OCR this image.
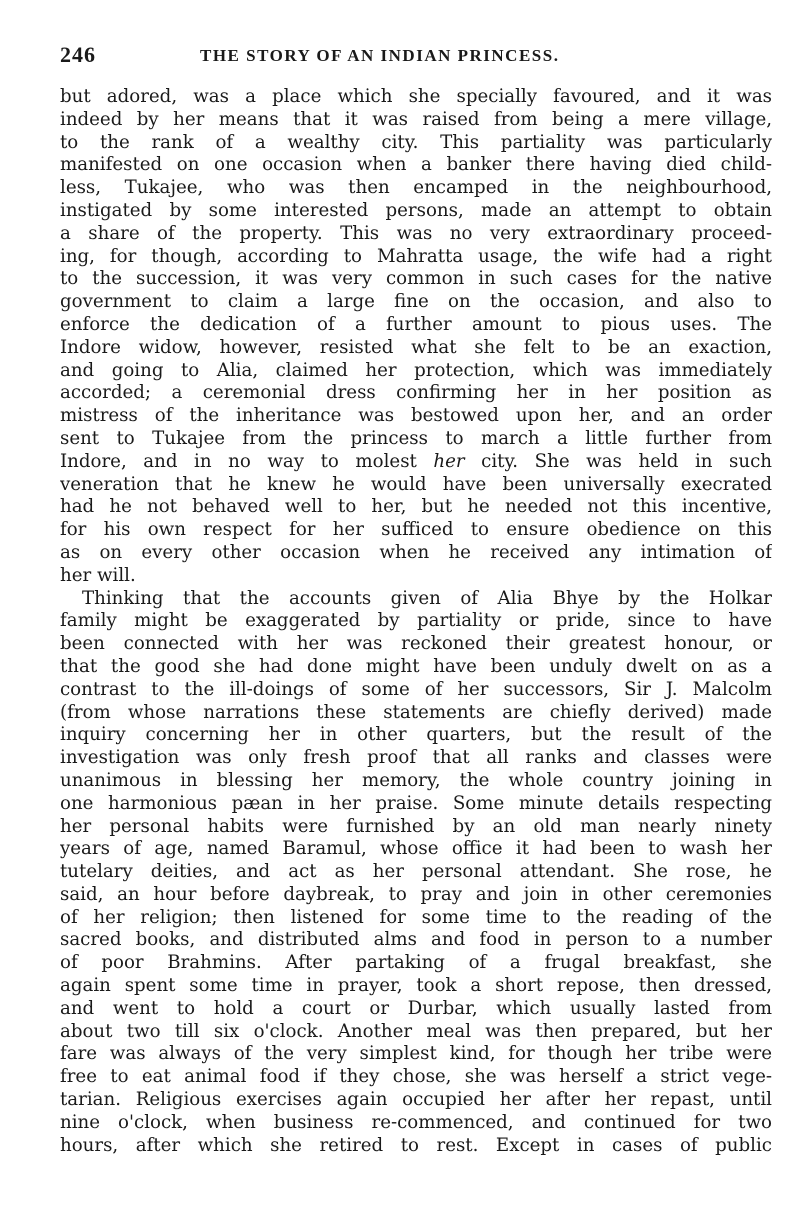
246	THE STORY OF AN INDIAN PRINCESS.
but adored, was a place which she specially favoured, and it was
indeed by her means that it was raised from being a mere village,
to the rank of a wealthy city. This partiality was particularly
manifested on one occasion when a banker there having died child-
less, Tukajee, who was then encamped in the neighbourhood,
instigated by some interested persons, made an attempt to obtain
a share of the property. This was no very extraordinary proceed-
ing, for though, according to Mahratta usage, the wife had a right
to the succession, it was very common in such cases for the native
government to claim a large fine on the occasion, and also to
enforce the dedication of a further amount to pious uses. The
Indore widow, however, resisted what she felt to be an exaction,
and going to Alia, claimed her protection, which was immediately
accorded; a ceremonial dress confirming her in her position as
mistress of the inheritance was bestowed upon her, and an order
sent to Tukajee from the princess to march a little further from
Indore, and in no way to molest her city. She was held in such
veneration that he knew he would have been universally execrated
had he not behaved well to her, but he needed not this incentive,
for his own respect for her sufficed to ensure obedience on this
as on every other occasion when he received any intimation of
her will.
Thinking that the accounts given of Alia Bhye by the Holkar
family might be exaggerated by partiality or pride, since to have
been connected with her was reckoned their greatest honour, or
that the good she had done might have been unduly dwelt on as a
contrast to the ill-doings of some of her successors, Sir J. Malcolm
(from whose narrations these statements are chiefly derived) made
inquiry concerning her in other quarters, but the result of the
investigation was only fresh proof that all ranks and classes were
unanimous in blessing her memory, the whole country joining in
one harmonious pæan in her praise. Some minute details respecting
her personal habits were furnished by an old man nearly ninety
years of age, named Baramul, whose office it had been to wash her
tutelary deities, and act as her personal attendant. She rose, he
said, an hour before daybreak, to pray and join in other ceremonies
of her religion; then listened for some time to the reading of the
sacred books, and distributed alms and food in person to a number
of poor Brahmins. After partaking of a frugal breakfast, she
again spent some time in prayer, took a short repose, then dressed,
and went to hold a court or Durbar, which usually lasted from
about two till six o'clock. Another meal was then prepared, but her
fare was always of the very simplest kind, for though her tribe were
free to eat animal food if they chose, she was herself a strict vege-
tarian. Religious exercises again occupied her after her repast, until
nine o'clock, when business re-commenced, and continued for two
hours, after which she retired to rest. Except in cases of public
